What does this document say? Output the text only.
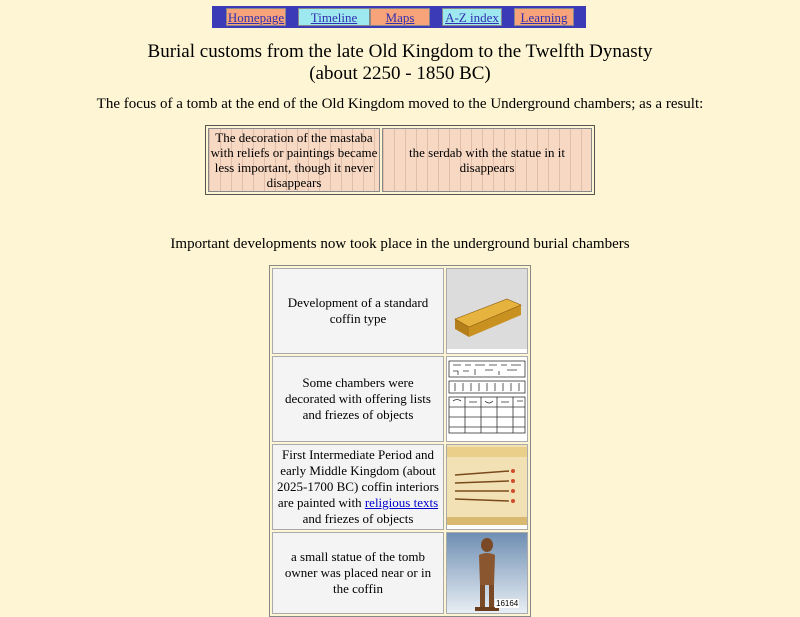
Homepage	Timeline	Maps	A-Z index	Learning
Burial customs from the late Old Kingdom to the Twelfth Dynasty
(about 2250 - 1850 BC)
The focus of a tomb at the end of the Old Kingdom moved to the Underground chambers; as a result:
The decoration of the mastaba with reliefs or paintings became less important, though it never disappears	the serdab with the statue in it disappears
Important developments now took place in the underground burial chambers
Development of a standard coffin type	
Some chambers were decorated with offering lists and friezes of objects	
First Intermediate Period and early Middle Kingdom (about 2025-1700 BC) coffin interiors are painted with religious texts and friezes of objects	
a small statue of the tomb owner was placed near or in the coffin	16164
